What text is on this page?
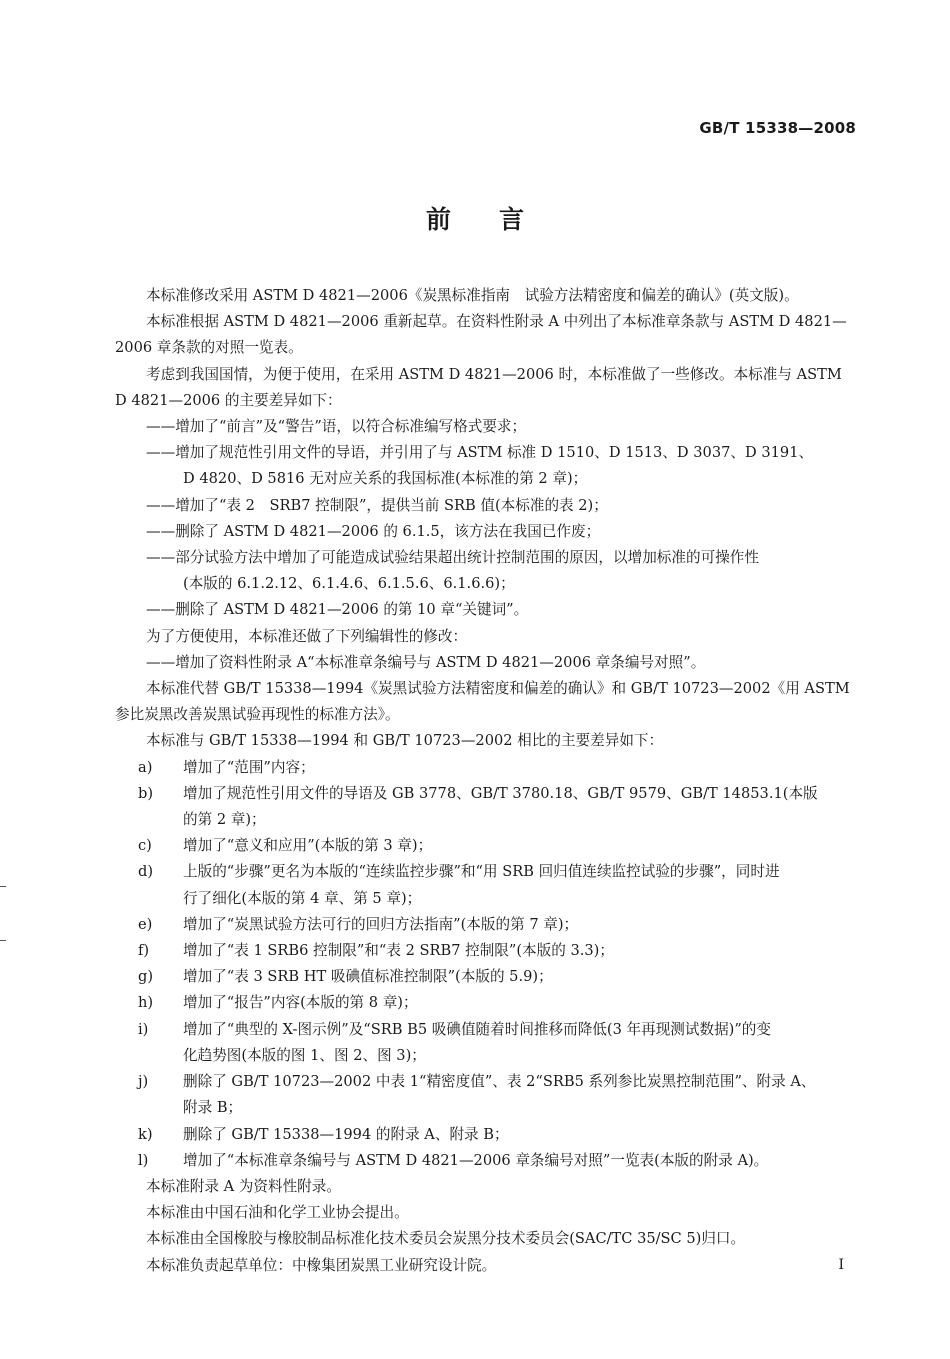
GB/T 15338—2008
前言

本标准修改采用 ASTM D 4821—2006《炭黑标准指南　试验方法精密度和偏差的确认》(英文版)。

本标准根据 ASTM D 4821—2006 重新起草。在资料性附录 A 中列出了本标准章条款与 ASTM D 4821—2006 章条款的对照一览表。

考虑到我国国情，为便于使用，在采用 ASTM D 4821—2006 时，本标准做了一些修改。本标准与 ASTM D 4821—2006 的主要差异如下：

——增加了“前言”及“警告”语，以符合标准编写格式要求；

——增加了规范性引用文件的导语，并引用了与 ASTM 标准 D 1510、D 1513、D 3037、D 3191、

D 4820、D 5816 无对应关系的我国标准(本标准的第 2 章)；

——增加了“表 2　SRB7 控制限”，提供当前 SRB 值(本标准的表 2)；

——删除了 ASTM D 4821—2006 的 6.1.5，该方法在我国已作废；

——部分试验方法中增加了可能造成试验结果超出统计控制范围的原因，以增加标准的可操作性

(本版的 6.1.2.12、6.1.4.6、6.1.5.6、6.1.6.6)；

——删除了 ASTM D 4821—2006 的第 10 章“关键词”。

为了方便使用，本标准还做了下列编辑性的修改：

——增加了资料性附录 A“本标准章条编号与 ASTM D 4821—2006 章条编号对照”。

本标准代替 GB/T 15338—1994《炭黑试验方法精密度和偏差的确认》和 GB/T 10723—2002《用 ASTM 参比炭黑改善炭黑试验再现性的标准方法》。

本标准与 GB/T 15338—1994 和 GB/T 10723—2002 相比的主要差异如下：

a) 增加了“范围”内容；

b) 增加了规范性引用文件的导语及 GB 3778、GB/T 3780.18、GB/T 9579、GB/T 14853.1(本版

的第 2 章)；

c) 增加了“意义和应用”(本版的第 3 章)；

d) 上版的“步骤”更名为本版的“连续监控步骤”和“用 SRB 回归值连续监控试验的步骤”，同时进

行了细化(本版的第 4 章、第 5 章)；

e) 增加了“炭黑试验方法可行的回归方法指南”(本版的第 7 章)；

f) 增加了“表 1 SRB6 控制限”和“表 2 SRB7 控制限”(本版的 3.3)；

g) 增加了“表 3 SRB HT 吸碘值标准控制限”(本版的 5.9)；

h) 增加了“报告”内容(本版的第 8 章)；

i) 增加了“典型的 X-图示例”及“SRB B5 吸碘值随着时间推移而降低(3 年再现测试数据)”的变

化趋势图(本版的图 1、图 2、图 3)；

j) 删除了 GB/T 10723—2002 中表 1“精密度值”、表 2“SRB5 系列参比炭黑控制范围”、附录 A、

附录 B；

k) 删除了 GB/T 15338—1994 的附录 A、附录 B；

l) 增加了“本标准章条编号与 ASTM D 4821—2006 章条编号对照”一览表(本版的附录 A)。

本标准附录 A 为资料性附录。

本标准由中国石油和化学工业协会提出。

本标准由全国橡胶与橡胶制品标准化技术委员会炭黑分技术委员会(SAC/TC 35/SC 5)归口。

本标准负责起草单位：中橡集团炭黑工业研究设计院。	I
